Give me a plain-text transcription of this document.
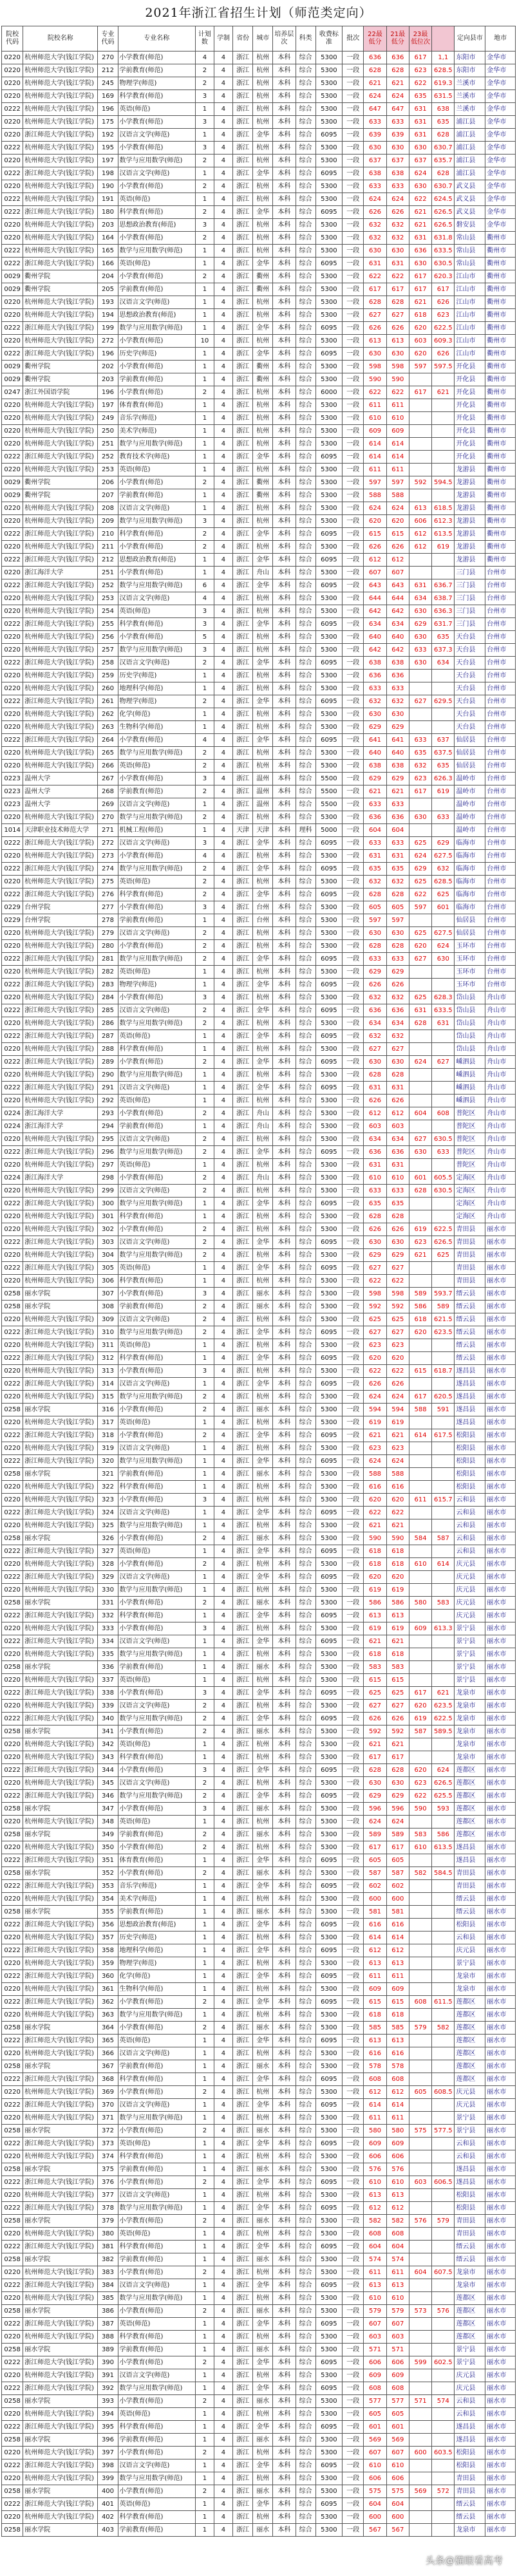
2021年浙江省招生计划（师范类定向）
院校代码	院校名称	专业代码	专业名称	计划数	学制	省份	城市	培养层次	科类	收费标准	批次	22最低分	21最低分	23最低位次		定向县市	地市
0220	杭州师范大学(钱江学院)	270	小学教育(师范)	4	4	浙江	杭州	本科	综合	5300	一段	636	636	617	1,1	东阳市	金华市
0220	杭州师范大学(钱江学院)	212	学前教育(师范)	2	4	浙江	杭州	本科	综合	5300	一段	628	628	623	628.5	东阳市	金华市
0220	杭州师范大学(钱江学院)	245	物理学(师范)	2	4	浙江	杭州	本科	综合	5300	一段	621	621	622	619.3	兰溪市	金华市
0220	杭州师范大学(钱江学院)	169	科学教育(师范)	3	4	浙江	杭州	本科	综合	5300	一段	624	624	635	631.5	兰溪市	金华市
0222	杭州师范大学(钱江学院)	196	英语(师范)	1	4	浙江	杭州	本科	综合	5300	一段	647	647	631	638	兰溪市	金华市
0220	杭州师范大学(钱江学院)	175	小学教育(师范)	3	4	浙江	杭州	本科	综合	5300	一段	633	633	631	635	浦江县	金华市
0220	浙江师范大学(钱江学院)	192	汉语言文学(师范)	1	4	浙江	金华	本科	综合	6095	一段	639	639	631	628	浦江县	金华市
0222	杭州师范大学(钱江学院)	195	小学教育(师范)	3	4	浙江	杭州	本科	综合	5300	一段	630	630	630	630.7	浦江县	金华市
0220	杭州师范大学(钱江学院)	197	数学与应用数学(师范)	2	4	浙江	杭州	本科	综合	5300	一段	637	637	637	635.7	浦江县	金华市
0222	浙江师范大学(钱江学院)	198	汉语言文学(师范)	1	4	浙江	金华	本科	综合	6095	一段	638	638	624	628	浦江县	金华市
0220	杭州师范大学(钱江学院)	190	小学教育(师范)	2	4	浙江	杭州	本科	综合	5300	一段	633	633	630	630.7	武义县	金华市
0222	杭州师范大学(钱江学院)	191	英语(师范)	1	4	浙江	杭州	本科	综合	5300	一段	624	624	622	624.5	武义县	金华市
0222	浙江师范大学(钱江学院)	180	科学教育(师范)	2	4	浙江	金华	本科	综合	6095	一段	626	626	621	626.5	武义县	金华市
0220	杭州师范大学(钱江学院)	203	思想政治教育(师范)	3	4	浙江	杭州	本科	综合	5300	一段	632	632	621	626.5	磐安县	金华市
0220	杭州师范大学(钱江学院)	164	小学教育(师范)	2	4	浙江	杭州	本科	综合	5300	一段	632	632	631	631.8	常山县	衢州市
0222	杭州师范大学(钱江学院)	165	数学与应用数学(师范)	1	4	浙江	杭州	本科	综合	5300	一段	630	630	636	633.5	常山县	衢州市
0222	浙江师范大学(钱江学院)	166	英语(师范)	1	4	浙江	金华	本科	综合	6095	一段	631	631	630	630.5	常山县	衢州市
0029	衢州学院	204	小学教育(师范)	2	4	浙江	衢州	本科	综合	5300	一段	622	622	617	620.3	江山市	衢州市
0029	衢州学院	205	学前教育(师范)	1	4	浙江	衢州	本科	综合	5300	一段	617	617	617	617	江山市	衢州市
0220	杭州师范大学(钱江学院)	193	汉语言文学(师范)	1	4	浙江	杭州	本科	综合	5300	一段	628	628	621	626	江山市	衢州市
0220	杭州师范大学(钱江学院)	194	思想政治教育(师范)	1	4	浙江	杭州	本科	综合	5300	一段	627	627	618	623	江山市	衢州市
0222	浙江师范大学(钱江学院)	199	数学与应用数学(师范)	1	4	浙江	金华	本科	综合	6095	一段	626	626	620	622.5	江山市	衢州市
0220	杭州师范大学(钱江学院)	272	小学教育(师范)	10	4	浙江	杭州	本科	综合	5300	一段	613	613	603	609.3	江山市	衢州市
0222	浙江师范大学(钱江学院)	196	历史学(师范)	1	4	浙江	金华	本科	综合	6095	一段	630	630	620	626	江山市	衢州市
0029	衢州学院	202	小学教育(师范)	1	4	浙江	衢州	本科	综合	5300	一段	598	598	597	597.5	开化县	衢州市
0029	衢州学院	203	学前教育(师范)	1	4	浙江	衢州	本科	综合	5300	一段	590	590			开化县	衢州市
0247	浙江外国语学院	196	小学教育(师范)	2	4	浙江	杭州	本科	综合	6000	一段	622	622	617	621	开化县	衢州市
0220	杭州师范大学(钱江学院)	197	体育教育(师范)	1	4	浙江	杭州	本科	综合	5300	一段	611	611			开化县	衢州市
0220	杭州师范大学(钱江学院)	249	音乐学(师范)	1	4	浙江	杭州	本科	综合	5300	一段	610	610			开化县	衢州市
0220	杭州师范大学(钱江学院)	250	美术学(师范)	1	4	浙江	杭州	本科	综合	5300	一段	609	609			开化县	衢州市
0220	杭州师范大学(钱江学院)	251	数学与应用数学(师范)	1	4	浙江	杭州	本科	综合	5300	一段	614	614			开化县	衢州市
0222	浙江师范大学(钱江学院)	252	教育技术学(师范)	1	4	浙江	金华	本科	综合	6095	一段	614	614			开化县	衢州市
0220	杭州师范大学(钱江学院)	253	英语(师范)	1	4	浙江	杭州	本科	综合	5300	一段	611	611			龙游县	衢州市
0029	衢州学院	206	小学教育(师范)	2	4	浙江	衢州	本科	综合	5300	一段	597	597	592	594.5	龙游县	衢州市
0029	衢州学院	207	学前教育(师范)	1	4	浙江	衢州	本科	综合	5300	一段	588	588			龙游县	衢州市
0220	杭州师范大学(钱江学院)	208	汉语言文学(师范)	1	4	浙江	杭州	本科	综合	5300	一段	624	624	613	618.5	龙游县	衢州市
0220	杭州师范大学(钱江学院)	209	数学与应用数学(师范)	3	4	浙江	杭州	本科	综合	5300	一段	620	620	606	612.3	龙游县	衢州市
0222	浙江师范大学(钱江学院)	210	科学教育(师范)	2	4	浙江	金华	本科	综合	6095	一段	615	615	612	613.5	龙游县	衢州市
0220	杭州师范大学(钱江学院)	211	小学教育(师范)	2	4	浙江	杭州	本科	综合	5300	一段	626	626	612	619	龙游县	衢州市
0222	浙江师范大学(钱江学院)	212	思想政治教育(师范)	1	4	浙江	金华	本科	综合	6095	一段	612	612			龙游县	衢州市
0220	浙江海洋大学	251	小学教育(师范)	1	4	浙江	舟山	本科	综合	5300	一段	607	607			三门县	台州市
0222	浙江师范大学(钱江学院)	252	数学与应用数学(师范)	6	4	浙江	金华	本科	综合	6095	一段	643	643	631	636.7	三门县	台州市
0220	杭州师范大学(钱江学院)	253	汉语言文学(师范)	4	4	浙江	杭州	本科	综合	5300	一段	644	644	634	638.7	三门县	台州市
0220	杭州师范大学(钱江学院)	254	英语(师范)	3	4	浙江	杭州	本科	综合	5300	一段	642	642	630	636.3	三门县	台州市
0222	浙江师范大学(钱江学院)	255	科学教育(师范)	3	4	浙江	金华	本科	综合	6095	一段	634	634	629	631.7	三门县	台州市
0220	杭州师范大学(钱江学院)	256	小学教育(师范)	5	4	浙江	杭州	本科	综合	5300	一段	640	640	630	635	天台县	台州市
0220	杭州师范大学(钱江学院)	257	数学与应用数学(师范)	3	4	浙江	杭州	本科	综合	5300	一段	642	642	633	637.3	天台县	台州市
0222	浙江师范大学(钱江学院)	258	汉语言文学(师范)	2	4	浙江	金华	本科	综合	6095	一段	638	638	630	634	天台县	台州市
0220	杭州师范大学(钱江学院)	259	历史学(师范)	1	4	浙江	杭州	本科	综合	5300	一段	636	636			天台县	台州市
0220	杭州师范大学(钱江学院)	260	地理科学(师范)	1	4	浙江	杭州	本科	综合	5300	一段	633	633			天台县	台州市
0222	浙江师范大学(钱江学院)	261	物理学(师范)	2	4	浙江	金华	本科	综合	6095	一段	632	632	627	629.5	天台县	台州市
0220	杭州师范大学(钱江学院)	262	化学(师范)	1	4	浙江	杭州	本科	综合	5300	一段	630	630			天台县	台州市
0220	杭州师范大学(钱江学院)	263	生物科学(师范)	1	4	浙江	杭州	本科	综合	5300	一段	629	629			天台县	台州市
0222	浙江师范大学(钱江学院)	264	小学教育(师范)	4	4	浙江	金华	本科	综合	6095	一段	641	641	633	637	仙居县	台州市
0220	杭州师范大学(钱江学院)	265	数学与应用数学(师范)	2	4	浙江	杭州	本科	综合	5300	一段	640	640	635	637.5	仙居县	台州市
0220	杭州师范大学(钱江学院)	266	英语(师范)	2	4	浙江	杭州	本科	综合	5300	一段	638	638	632	635	仙居县	台州市
0223	温州大学	267	小学教育(师范)	3	4	浙江	温州	本科	综合	5500	一段	629	629	623	626.3	温岭市	台州市
0223	温州大学	268	学前教育(师范)	2	4	浙江	温州	本科	综合	5500	一段	621	621	617	619	温岭市	台州市
0223	温州大学	269	汉语言文学(师范)	1	4	浙江	温州	本科	综合	5500	一段	633	633			温岭市	台州市
0220	杭州师范大学(钱江学院)	270	数学与应用数学(师范)	2	4	浙江	杭州	本科	综合	5300	一段	636	636	630	633	温岭市	台州市
1014	天津职业技术师范大学	271	机械工程(师范)	1	4	天津	天津	本科	理科	5000	一段	604	604			温岭市	台州市
0222	浙江师范大学(钱江学院)	272	汉语言文学(师范)	3	4	浙江	金华	本科	综合	6095	一段	633	633	625	629	临海市	台州市
0220	杭州师范大学(钱江学院)	273	小学教育(师范)	4	4	浙江	杭州	本科	综合	5300	一段	631	631	624	627.5	临海市	台州市
0222	浙江师范大学(钱江学院)	274	数学与应用数学(师范)	2	4	浙江	金华	本科	综合	6095	一段	635	635	629	632	临海市	台州市
0220	杭州师范大学(钱江学院)	275	英语(师范)	2	4	浙江	杭州	本科	综合	5300	一段	632	632	625	628.5	临海市	台州市
0222	浙江师范大学(钱江学院)	276	科学教育(师范)	2	4	浙江	金华	本科	综合	6095	一段	628	628	622	625	临海市	台州市
0229	台州学院	277	小学教育(师范)	3	4	浙江	台州	本科	综合	5300	一段	605	605	597	601	临海市	台州市
0229	台州学院	278	学前教育(师范)	1	4	浙江	台州	本科	综合	5300	一段	597	597			仙居县	台州市
0220	杭州师范大学(钱江学院)	279	汉语言文学(师范)	2	4	浙江	杭州	本科	综合	5300	一段	630	630	625	627.5	仙居县	台州市
0220	杭州师范大学(钱江学院)	280	小学教育(师范)	2	4	浙江	杭州	本科	综合	5300	一段	628	628	620	624	玉环市	台州市
0222	浙江师范大学(钱江学院)	281	数学与应用数学(师范)	2	4	浙江	金华	本科	综合	6095	一段	633	633	627	630	玉环市	台州市
0220	杭州师范大学(钱江学院)	282	英语(师范)	1	4	浙江	杭州	本科	综合	5300	一段	629	629			玉环市	台州市
0222	浙江师范大学(钱江学院)	283	物理学(师范)	1	4	浙江	金华	本科	综合	6095	一段	626	626			玉环市	台州市
0220	杭州师范大学(钱江学院)	284	小学教育(师范)	3	4	浙江	杭州	本科	综合	5300	一段	632	632	625	628.3	岱山县	舟山市
0222	浙江师范大学(钱江学院)	285	汉语言文学(师范)	2	4	浙江	金华	本科	综合	6095	一段	636	636	631	633.5	岱山县	舟山市
0220	杭州师范大学(钱江学院)	286	数学与应用数学(师范)	2	4	浙江	杭州	本科	综合	5300	一段	634	634	628	631	岱山县	舟山市
0222	浙江师范大学(钱江学院)	287	英语(师范)	1	4	浙江	金华	本科	综合	6095	一段	632	632			岱山县	舟山市
0220	杭州师范大学(钱江学院)	288	科学教育(师范)	1	4	浙江	杭州	本科	综合	5300	一段	627	627			岱山县	舟山市
0222	浙江师范大学(钱江学院)	289	小学教育(师范)	2	4	浙江	金华	本科	综合	6095	一段	630	630	624	627	嵊泗县	舟山市
0220	杭州师范大学(钱江学院)	290	数学与应用数学(师范)	1	4	浙江	杭州	本科	综合	5300	一段	628	628			嵊泗县	舟山市
0222	浙江师范大学(钱江学院)	291	汉语言文学(师范)	1	4	浙江	金华	本科	综合	6095	一段	631	631			嵊泗县	舟山市
0220	杭州师范大学(钱江学院)	292	英语(师范)	1	4	浙江	杭州	本科	综合	5300	一段	626	626			嵊泗县	舟山市
0224	浙江海洋大学	293	小学教育(师范)	2	4	浙江	舟山	本科	综合	5300	一段	612	612	604	608	普陀区	舟山市
0224	浙江海洋大学	294	学前教育(师范)	1	4	浙江	舟山	本科	综合	5300	一段	603	603			普陀区	舟山市
0220	杭州师范大学(钱江学院)	295	汉语言文学(师范)	2	4	浙江	杭州	本科	综合	5300	一段	634	634	627	630.5	普陀区	舟山市
0222	浙江师范大学(钱江学院)	296	数学与应用数学(师范)	2	4	浙江	金华	本科	综合	6095	一段	636	636	630	633	普陀区	舟山市
0220	杭州师范大学(钱江学院)	297	英语(师范)	1	4	浙江	杭州	本科	综合	5300	一段	631	631			普陀区	舟山市
0224	浙江海洋大学	298	小学教育(师范)	2	4	浙江	舟山	本科	综合	5300	一段	610	610	601	605.5	定海区	舟山市
0220	杭州师范大学(钱江学院)	299	汉语言文学(师范)	2	4	浙江	杭州	本科	综合	5300	一段	633	633	628	630.5	定海区	舟山市
0222	浙江师范大学(钱江学院)	300	数学与应用数学(师范)	1	4	浙江	金华	本科	综合	6095	一段	635	635			定海区	舟山市
0220	杭州师范大学(钱江学院)	301	科学教育(师范)	1	4	浙江	杭州	本科	综合	5300	一段	628	628			定海区	舟山市
0220	杭州师范大学(钱江学院)	302	小学教育(师范)	2	4	浙江	杭州	本科	综合	5300	一段	626	626	619	622.5	青田县	丽水市
0222	浙江师范大学(钱江学院)	303	汉语言文学(师范)	2	4	浙江	金华	本科	综合	6095	一段	630	630	623	626.5	青田县	丽水市
0220	杭州师范大学(钱江学院)	304	数学与应用数学(师范)	2	4	浙江	杭州	本科	综合	5300	一段	629	629	621	625	青田县	丽水市
0222	浙江师范大学(钱江学院)	305	英语(师范)	1	4	浙江	金华	本科	综合	6095	一段	627	627			青田县	丽水市
0220	杭州师范大学(钱江学院)	306	科学教育(师范)	1	4	浙江	杭州	本科	综合	5300	一段	622	622			青田县	丽水市
0258	丽水学院	307	小学教育(师范)	3	4	浙江	丽水	本科	综合	5300	一段	598	598	589	593.7	缙云县	丽水市
0258	丽水学院	308	学前教育(师范)	2	4	浙江	丽水	本科	综合	5300	一段	592	592	586	589	缙云县	丽水市
0220	杭州师范大学(钱江学院)	309	汉语言文学(师范)	2	4	浙江	杭州	本科	综合	5300	一段	625	625	618	621.5	缙云县	丽水市
0222	浙江师范大学(钱江学院)	310	数学与应用数学(师范)	2	4	浙江	金华	本科	综合	6095	一段	627	627	620	623.5	缙云县	丽水市
0220	杭州师范大学(钱江学院)	311	英语(师范)	1	4	浙江	杭州	本科	综合	5300	一段	623	623			缙云县	丽水市
0222	浙江师范大学(钱江学院)	312	科学教育(师范)	1	4	浙江	金华	本科	综合	6095	一段	620	620			缙云县	丽水市
0220	杭州师范大学(钱江学院)	313	小学教育(师范)	3	4	浙江	杭州	本科	综合	5300	一段	622	622	615	618.7	遂昌县	丽水市
0222	浙江师范大学(钱江学院)	314	汉语言文学(师范)	1	4	浙江	金华	本科	综合	6095	一段	626	626			遂昌县	丽水市
0220	杭州师范大学(钱江学院)	315	数学与应用数学(师范)	2	4	浙江	杭州	本科	综合	5300	一段	624	624	617	620.5	遂昌县	丽水市
0258	丽水学院	316	小学教育(师范)	2	4	浙江	丽水	本科	综合	5300	一段	594	594	588	591	遂昌县	丽水市
0220	杭州师范大学(钱江学院)	317	英语(师范)	1	4	浙江	杭州	本科	综合	5300	一段	619	619			遂昌县	丽水市
0222	浙江师范大学(钱江学院)	318	小学教育(师范)	2	4	浙江	金华	本科	综合	6095	一段	621	621	614	617.5	松阳县	丽水市
0220	杭州师范大学(钱江学院)	319	汉语言文学(师范)	1	4	浙江	杭州	本科	综合	5300	一段	623	623			松阳县	丽水市
0222	浙江师范大学(钱江学院)	320	数学与应用数学(师范)	1	4	浙江	金华	本科	综合	6095	一段	624	624			松阳县	丽水市
0258	丽水学院	321	学前教育(师范)	1	4	浙江	丽水	本科	综合	5300	一段	588	588			松阳县	丽水市
0220	杭州师范大学(钱江学院)	322	科学教育(师范)	1	4	浙江	杭州	本科	综合	5300	一段	616	616			松阳县	丽水市
0220	杭州师范大学(钱江学院)	323	小学教育(师范)	3	4	浙江	杭州	本科	综合	5300	一段	620	620	611	615.7	云和县	丽水市
0222	浙江师范大学(钱江学院)	324	汉语言文学(师范)	1	4	浙江	金华	本科	综合	6095	一段	622	622			云和县	丽水市
0220	杭州师范大学(钱江学院)	325	数学与应用数学(师范)	1	4	浙江	杭州	本科	综合	5300	一段	621	621			云和县	丽水市
0258	丽水学院	326	小学教育(师范)	2	4	浙江	丽水	本科	综合	5300	一段	590	590	584	587	云和县	丽水市
0222	浙江师范大学(钱江学院)	327	英语(师范)	1	4	浙江	金华	本科	综合	6095	一段	618	618			云和县	丽水市
0220	杭州师范大学(钱江学院)	328	小学教育(师范)	2	4	浙江	杭州	本科	综合	5300	一段	618	618	610	614	庆元县	丽水市
0222	浙江师范大学(钱江学院)	329	汉语言文学(师范)	1	4	浙江	金华	本科	综合	6095	一段	620	620			庆元县	丽水市
0220	杭州师范大学(钱江学院)	330	数学与应用数学(师范)	1	4	浙江	杭州	本科	综合	5300	一段	619	619			庆元县	丽水市
0258	丽水学院	331	小学教育(师范)	2	4	浙江	丽水	本科	综合	5300	一段	586	586	580	583	庆元县	丽水市
0222	浙江师范大学(钱江学院)	332	科学教育(师范)	1	4	浙江	金华	本科	综合	6095	一段	613	613			庆元县	丽水市
0220	杭州师范大学(钱江学院)	333	小学教育(师范)	3	4	浙江	杭州	本科	综合	5300	一段	619	619	609	613.3	景宁县	丽水市
0222	浙江师范大学(钱江学院)	334	汉语言文学(师范)	1	4	浙江	金华	本科	综合	6095	一段	621	621			景宁县	丽水市
0220	杭州师范大学(钱江学院)	335	数学与应用数学(师范)	1	4	浙江	杭州	本科	综合	5300	一段	618	618			景宁县	丽水市
0258	丽水学院	336	学前教育(师范)	1	4	浙江	丽水	本科	综合	5300	一段	583	583			景宁县	丽水市
0220	杭州师范大学(钱江学院)	337	英语(师范)	1	4	浙江	杭州	本科	综合	5300	一段	615	615			景宁县	丽水市
0222	浙江师范大学(钱江学院)	338	小学教育(师范)	3	4	浙江	金华	本科	综合	6095	一段	625	625	617	621	龙泉市	丽水市
0220	杭州师范大学(钱江学院)	339	汉语言文学(师范)	2	4	浙江	杭州	本科	综合	5300	一段	627	627	620	623.5	龙泉市	丽水市
0222	浙江师范大学(钱江学院)	340	数学与应用数学(师范)	2	4	浙江	金华	本科	综合	6095	一段	626	626	619	622.5	龙泉市	丽水市
0258	丽水学院	341	小学教育(师范)	2	4	浙江	丽水	本科	综合	5300	一段	592	592	587	589.5	龙泉市	丽水市
0220	杭州师范大学(钱江学院)	342	英语(师范)	1	4	浙江	杭州	本科	综合	5300	一段	621	621			龙泉市	丽水市
0220	杭州师范大学(钱江学院)	343	科学教育(师范)	1	4	浙江	杭州	本科	综合	5300	一段	617	617			龙泉市	丽水市
0222	浙江师范大学(钱江学院)	344	小学教育(师范)	3	4	浙江	金华	本科	综合	6095	一段	628	628	620	624	莲都区	丽水市
0220	杭州师范大学(钱江学院)	345	汉语言文学(师范)	2	4	浙江	杭州	本科	综合	5300	一段	630	630	623	626.5	莲都区	丽水市
0222	浙江师范大学(钱江学院)	346	数学与应用数学(师范)	2	4	浙江	金华	本科	综合	6095	一段	629	629	622	625.5	莲都区	丽水市
0258	丽水学院	347	小学教育(师范)	3	4	浙江	丽水	本科	综合	5300	一段	596	596	590	593	莲都区	丽水市
0220	杭州师范大学(钱江学院)	348	英语(师范)	1	4	浙江	杭州	本科	综合	5300	一段	624	624			莲都区	丽水市
0258	丽水学院	349	学前教育(师范)	2	4	浙江	丽水	本科	综合	5300	一段	589	589	583	586	莲都区	丽水市
0220	杭州师范大学(钱江学院)	350	小学教育(师范)	2	4	浙江	杭州	本科	综合	5300	一段	617	617	610	613.5	遂昌县	丽水市
0222	浙江师范大学(钱江学院)	351	体育教育(师范)	1	4	浙江	金华	本科	综合	6095	一段	605	605			遂昌县	丽水市
0258	丽水学院	352	小学教育(师范)	2	4	浙江	丽水	本科	综合	5300	一段	587	587	582	584.5	青田县	丽水市
0222	浙江师范大学(钱江学院)	353	音乐学(师范)	1	4	浙江	金华	本科	综合	6095	一段	602	602			青田县	丽水市
0220	杭州师范大学(钱江学院)	354	美术学(师范)	1	4	浙江	杭州	本科	综合	5300	一段	600	600			缙云县	丽水市
0258	丽水学院	355	学前教育(师范)	1	4	浙江	丽水	本科	综合	5300	一段	581	581			缙云县	丽水市
0222	浙江师范大学(钱江学院)	356	思想政治教育(师范)	1	4	浙江	金华	本科	综合	6095	一段	616	616			松阳县	丽水市
0220	杭州师范大学(钱江学院)	357	历史学(师范)	1	4	浙江	杭州	本科	综合	5300	一段	614	614			云和县	丽水市
0222	浙江师范大学(钱江学院)	358	地理科学(师范)	1	4	浙江	金华	本科	综合	6095	一段	612	612			庆元县	丽水市
0220	杭州师范大学(钱江学院)	359	物理学(师范)	1	4	浙江	杭州	本科	综合	5300	一段	613	613			景宁县	丽水市
0222	浙江师范大学(钱江学院)	360	化学(师范)	1	4	浙江	金华	本科	综合	6095	一段	611	611			龙泉市	丽水市
0220	杭州师范大学(钱江学院)	361	生物科学(师范)	1	4	浙江	杭州	本科	综合	5300	一段	609	609			龙泉市	丽水市
0222	浙江师范大学(钱江学院)	362	小学教育(师范)	2	4	浙江	金华	本科	综合	6095	一段	615	615	608	611.5	莲都区	丽水市
0220	杭州师范大学(钱江学院)	363	数学与应用数学(师范)	1	4	浙江	杭州	本科	综合	5300	一段	618	618			莲都区	丽水市
0258	丽水学院	364	小学教育(师范)	2	4	浙江	丽水	本科	综合	5300	一段	585	585	579	582	莲都区	丽水市
0222	浙江师范大学(钱江学院)	365	英语(师范)	1	4	浙江	金华	本科	综合	6095	一段	613	613			莲都区	丽水市
0220	杭州师范大学(钱江学院)	366	汉语言文学(师范)	1	4	浙江	杭州	本科	综合	5300	一段	616	616			莲都区	丽水市
0258	丽水学院	367	学前教育(师范)	1	4	浙江	丽水	本科	综合	5300	一段	578	578			莲都区	丽水市
0222	浙江师范大学(钱江学院)	368	科学教育(师范)	1	4	浙江	金华	本科	综合	6095	一段	608	608			莲都区	丽水市
0220	杭州师范大学(钱江学院)	369	小学教育(师范)	2	4	浙江	杭州	本科	综合	5300	一段	612	612	605	608.5	庆元县	丽水市
0222	浙江师范大学(钱江学院)	370	汉语言文学(师范)	1	4	浙江	金华	本科	综合	6095	一段	614	614			庆元县	丽水市
0220	杭州师范大学(钱江学院)	371	数学与应用数学(师范)	1	4	浙江	杭州	本科	综合	5300	一段	611	611			景宁县	丽水市
0258	丽水学院	372	小学教育(师范)	2	4	浙江	丽水	本科	综合	5300	一段	580	580	575	577.5	景宁县	丽水市
0222	浙江师范大学(钱江学院)	373	英语(师范)	1	4	浙江	金华	本科	综合	6095	一段	609	609			云和县	丽水市
0220	杭州师范大学(钱江学院)	374	科学教育(师范)	1	4	浙江	杭州	本科	综合	5300	一段	606	606			云和县	丽水市
0258	丽水学院	375	学前教育(师范)	1	4	浙江	丽水	本科	综合	5300	一段	576	576			遂昌县	丽水市
0222	浙江师范大学(钱江学院)	376	小学教育(师范)	2	4	浙江	金华	本科	综合	6095	一段	610	610	603	606.5	遂昌县	丽水市
0220	杭州师范大学(钱江学院)	377	汉语言文学(师范)	1	4	浙江	杭州	本科	综合	5300	一段	613	613			松阳县	丽水市
0222	浙江师范大学(钱江学院)	378	数学与应用数学(师范)	1	4	浙江	金华	本科	综合	6095	一段	612	612			松阳县	丽水市
0258	丽水学院	379	小学教育(师范)	2	4	浙江	丽水	本科	综合	5300	一段	582	582	576	579	青田县	丽水市
0220	杭州师范大学(钱江学院)	380	英语(师范)	1	4	浙江	杭州	本科	综合	5300	一段	608	608			青田县	丽水市
0222	浙江师范大学(钱江学院)	381	科学教育(师范)	1	4	浙江	金华	本科	综合	6095	一段	604	604			缙云县	丽水市
0258	丽水学院	382	学前教育(师范)	1	4	浙江	丽水	本科	综合	5300	一段	574	574			缙云县	丽水市
0220	杭州师范大学(钱江学院)	383	小学教育(师范)	2	4	浙江	杭州	本科	综合	5300	一段	611	611	604	607.5	龙泉市	丽水市
0222	浙江师范大学(钱江学院)	384	汉语言文学(师范)	1	4	浙江	金华	本科	综合	6095	一段	613	613			龙泉市	丽水市
0220	杭州师范大学(钱江学院)	385	数学与应用数学(师范)	1	4	浙江	杭州	本科	综合	5300	一段	610	610			莲都区	丽水市
0258	丽水学院	386	小学教育(师范)	2	4	浙江	丽水	本科	综合	5300	一段	579	579	573	576	莲都区	丽水市
0222	浙江师范大学(钱江学院)	387	英语(师范)	1	4	浙江	金华	本科	综合	6095	一段	607	607			莲都区	丽水市
0220	杭州师范大学(钱江学院)	388	科学教育(师范)	1	4	浙江	杭州	本科	综合	5300	一段	603	603			莲都区	丽水市
0258	丽水学院	389	学前教育(师范)	1	4	浙江	丽水	本科	综合	5300	一段	571	571			景宁县	丽水市
0222	浙江师范大学(钱江学院)	390	小学教育(师范)	2	4	浙江	金华	本科	综合	6095	一段	606	606	599	602.5	景宁县	丽水市
0220	杭州师范大学(钱江学院)	391	汉语言文学(师范)	1	4	浙江	杭州	本科	综合	5300	一段	609	609			庆元县	丽水市
0222	浙江师范大学(钱江学院)	392	数学与应用数学(师范)	1	4	浙江	金华	本科	综合	6095	一段	608	608			庆元县	丽水市
0258	丽水学院	393	小学教育(师范)	2	4	浙江	丽水	本科	综合	5300	一段	577	577	571	574	云和县	丽水市
0220	杭州师范大学(钱江学院)	394	英语(师范)	1	4	浙江	杭州	本科	综合	5300	一段	605	605			云和县	丽水市
0222	浙江师范大学(钱江学院)	395	科学教育(师范)	1	4	浙江	金华	本科	综合	6095	一段	601	601			遂昌县	丽水市
0258	丽水学院	396	学前教育(师范)	1	4	浙江	丽水	本科	综合	5300	一段	569	569			遂昌县	丽水市
0220	杭州师范大学(钱江学院)	397	小学教育(师范)	2	4	浙江	杭州	本科	综合	5300	一段	607	607	600	603.5	松阳县	丽水市
0222	浙江师范大学(钱江学院)	398	汉语言文学(师范)	1	4	浙江	金华	本科	综合	6095	一段	610	610			松阳县	丽水市
0220	杭州师范大学(钱江学院)	399	数学与应用数学(师范)	1	4	浙江	杭州	本科	综合	5300	一段	606	606			青田县	丽水市
0258	丽水学院	400	小学教育(师范)	2	4	浙江	丽水	本科	综合	5300	一段	575	575	569	572	青田县	丽水市
0222	浙江师范大学(钱江学院)	401	英语(师范)	1	4	浙江	金华	本科	综合	6095	一段	604	604			缙云县	丽水市
0220	杭州师范大学(钱江学院)	402	科学教育(师范)	1	4	浙江	杭州	本科	综合	5300	一段	600	600			缙云县	丽水市
0258	丽水学院	403	学前教育(师范)	1	4	浙江	丽水	本科	综合	5300	一段	567	567			龙泉市	丽水市
头条@猫眼看高考
